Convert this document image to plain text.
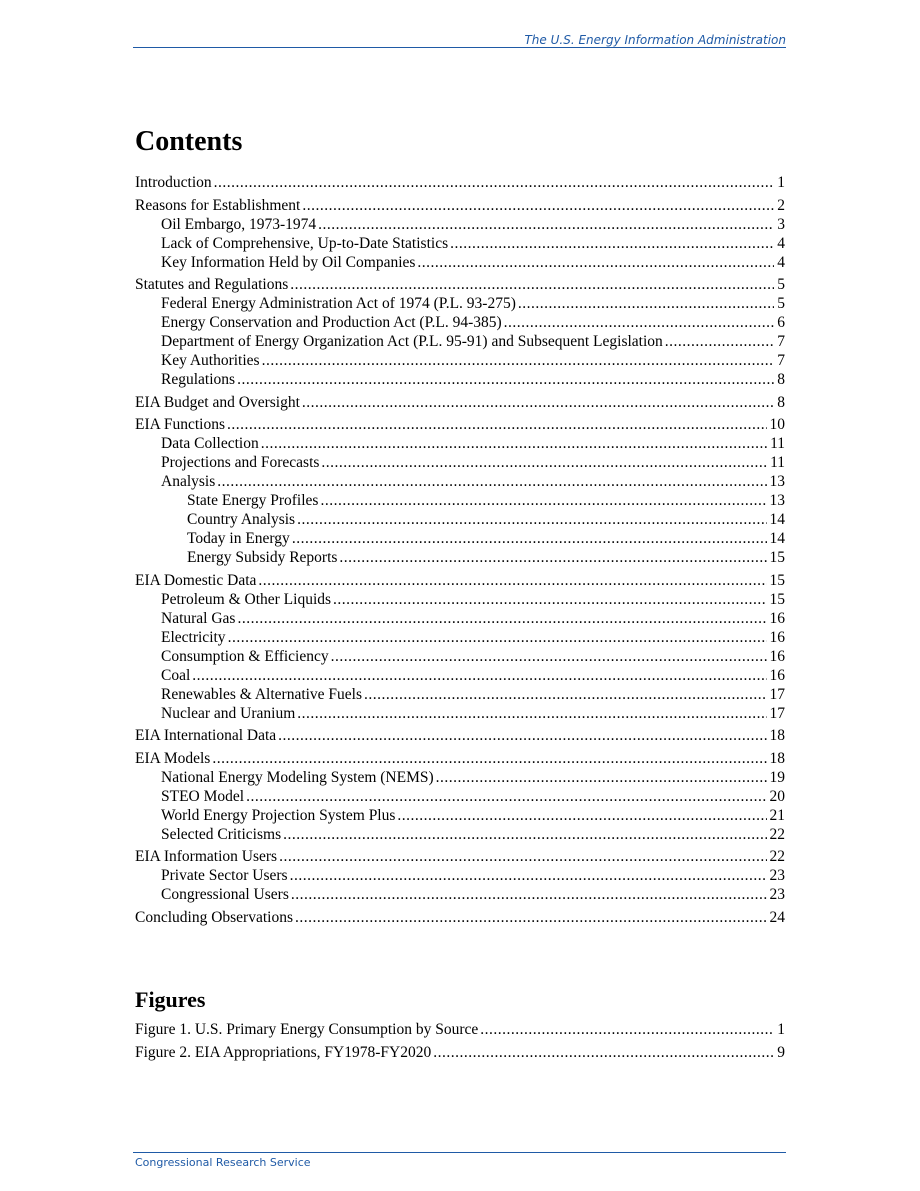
The U.S. Energy Information Administration
Contents
Introduction .....	1
Reasons for Establishment .....	2
Oil Embargo, 1973-1974 .....	3
Lack of Comprehensive, Up-to-Date Statistics .....	4
Key Information Held by Oil Companies .....	4
Statutes and Regulations .....	5
Federal Energy Administration Act of 1974 (P.L. 93-275) .....	5
Energy Conservation and Production Act (P.L. 94-385) .....	6
Department of Energy Organization Act (P.L. 95-91) and Subsequent Legislation .....	7
Key Authorities .....	7
Regulations .....	8
EIA Budget and Oversight .....	8
EIA Functions .....	10
Data Collection .....	11
Projections and Forecasts .....	11
Analysis .....	13
State Energy Profiles .....	13
Country Analysis .....	14
Today in Energy .....	14
Energy Subsidy Reports .....	15
EIA Domestic Data .....	15
Petroleum & Other Liquids .....	15
Natural Gas .....	16
Electricity .....	16
Consumption & Efficiency .....	16
Coal .....	16
Renewables & Alternative Fuels .....	17
Nuclear and Uranium .....	17
EIA International Data .....	18
EIA Models .....	18
National Energy Modeling System (NEMS) .....	19
STEO Model .....	20
World Energy Projection System Plus .....	21
Selected Criticisms .....	22
EIA Information Users .....	22
Private Sector Users .....	23
Congressional Users .....	23
Concluding Observations .....	24
Figures
Figure 1. U.S. Primary Energy Consumption by Source .....	1
Figure 2. EIA Appropriations, FY1978-FY2020 .....	9
Congressional Research Service
